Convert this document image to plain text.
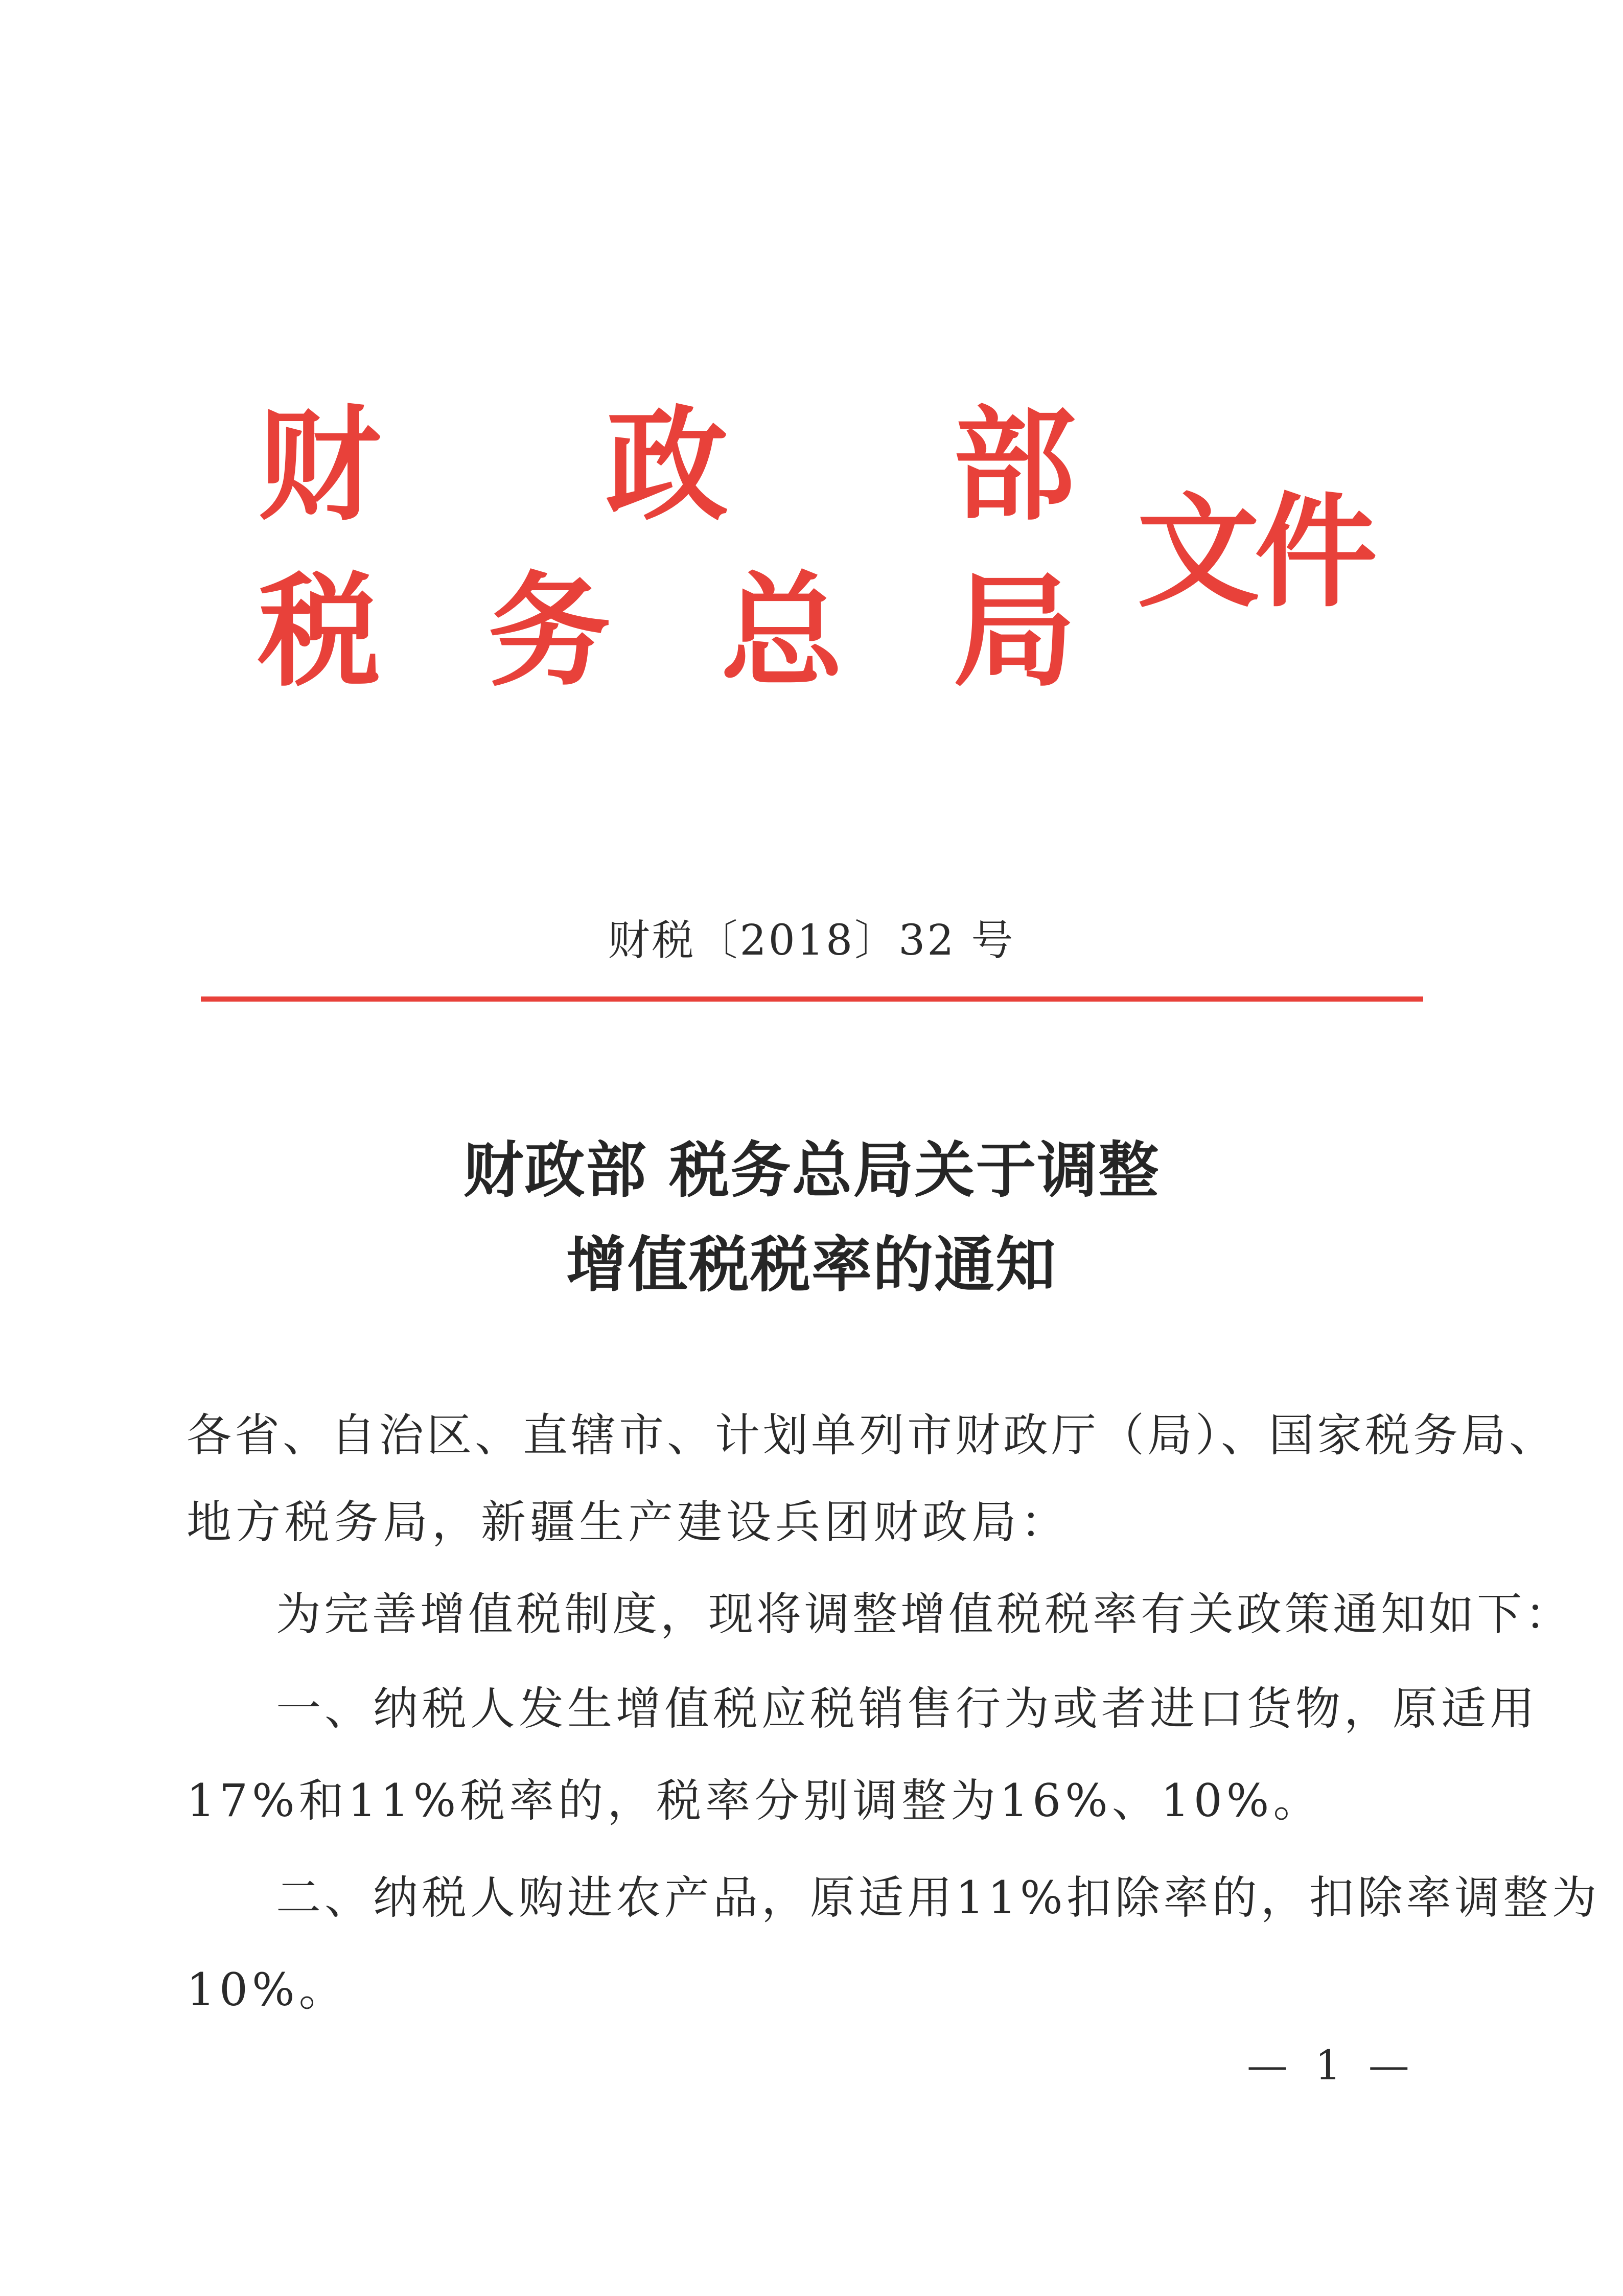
财 政 部
税 务 总 局
文件
财税〔2018〕32 号
财政部 税务总局关于调整
增值税税率的通知
各省、自治区、直辖市、计划单列市财政厅（局）、国家税务局、
地方税务局，新疆生产建设兵团财政局：
为完善增值税制度，现将调整增值税税率有关政策通知如下：
一、纳税人发生增值税应税销售行为或者进口货物，原适用
17%和11%税率的，税率分别调整为16%、10%。
二、纳税人购进农产品，原适用11%扣除率的，扣除率调整为
10%。
— 1 —
